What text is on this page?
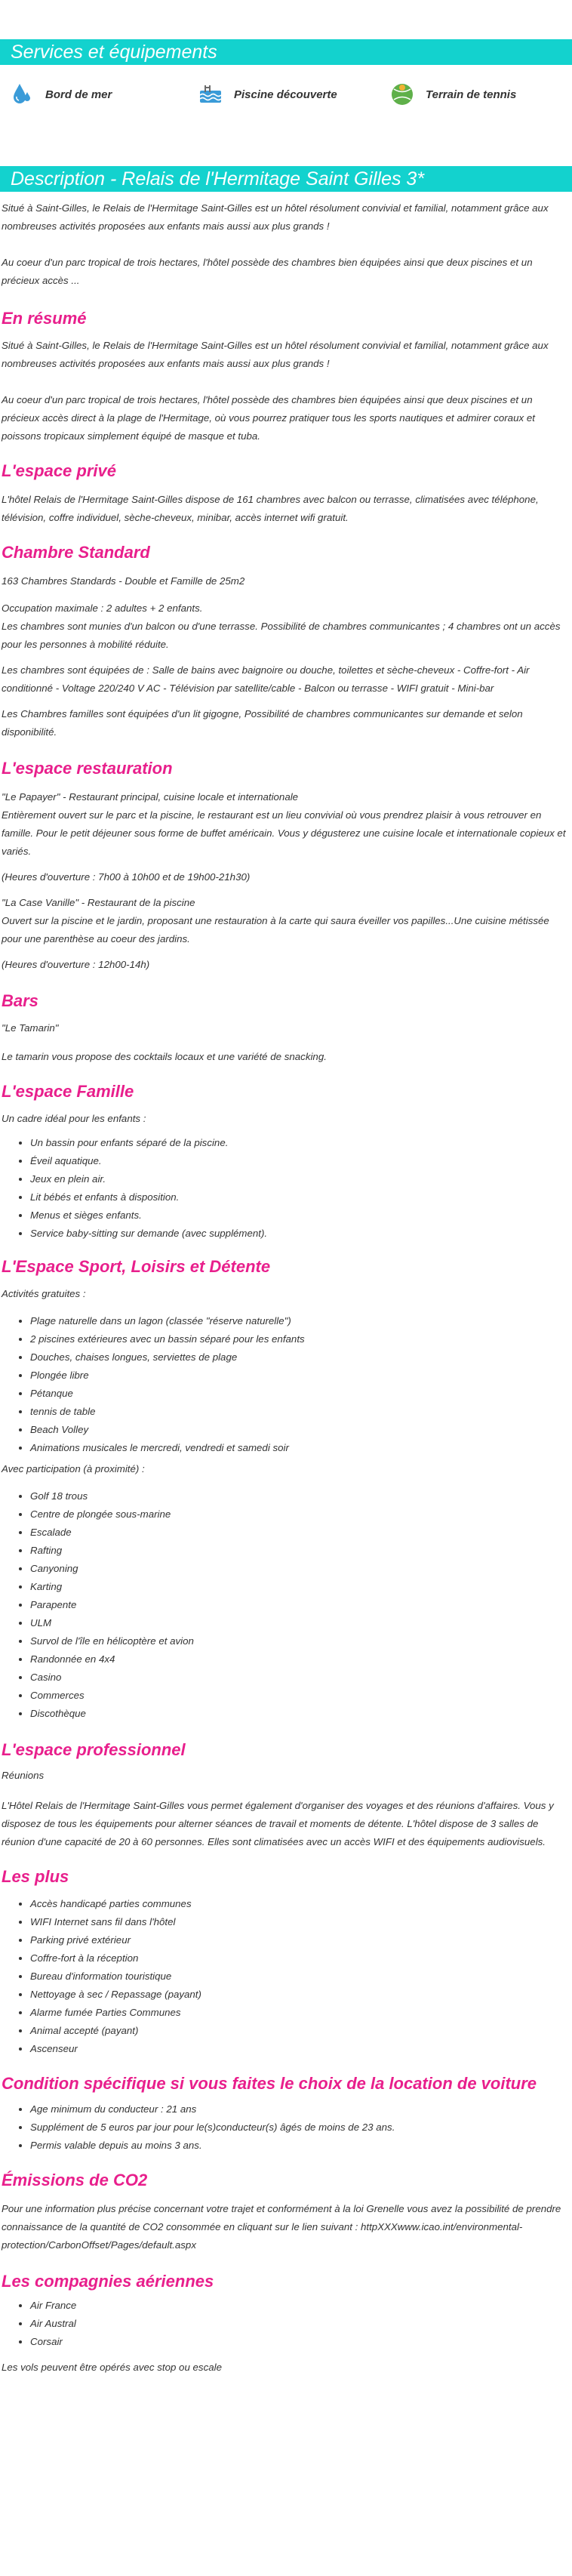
Services et équipements
Bord de mer	Piscine découverte	Terrain de tennis
Description - Relais de l'Hermitage Saint Gilles 3*

Situé à Saint-Gilles, le Relais de l'Hermitage Saint-Gilles est un hôtel résolument convivial et familial, notamment grâce aux nombreuses activités proposées aux enfants mais aussi aux plus grands !

Au coeur d'un parc tropical de trois hectares, l'hôtel possède des chambres bien équipées ainsi que deux piscines et un précieux accès ...

En résumé

Situé à Saint-Gilles, le Relais de l'Hermitage Saint-Gilles est un hôtel résolument convivial et familial, notamment grâce aux nombreuses activités proposées aux enfants mais aussi aux plus grands !

Au coeur d'un parc tropical de trois hectares, l'hôtel possède des chambres bien équipées ainsi que deux piscines et un précieux accès direct à la plage de l'Hermitage, où vous pourrez pratiquer tous les sports nautiques et admirer coraux et poissons tropicaux simplement équipé de masque et tuba.

L'espace privé

L'hôtel Relais de l'Hermitage Saint-Gilles dispose de 161 chambres avec balcon ou terrasse, climatisées avec téléphone, télévision, coffre individuel, sèche-cheveux, minibar, accès internet wifi gratuit.

Chambre Standard

163 Chambres Standards - Double et Famille de 25m2

Occupation maximale : 2 adultes + 2 enfants.

Les chambres sont munies d'un balcon ou d'une terrasse. Possibilité de chambres communicantes ; 4 chambres ont un accès pour les personnes à mobilité réduite.

Les chambres sont équipées de : Salle de bains avec baignoire ou douche, toilettes et sèche-cheveux - Coffre-fort - Air conditionné - Voltage 220/240 V AC - Télévision par satellite/cable - Balcon ou terrasse - WIFI gratuit - Mini-bar

Les Chambres familles sont équipées d'un lit gigogne, Possibilité de chambres communicantes sur demande et selon disponibilité.

L'espace restauration

"Le Papayer" - Restaurant principal, cuisine locale et internationale

Entièrement ouvert sur le parc et la piscine, le restaurant est un lieu convivial où vous prendrez plaisir à vous retrouver en famille. Pour le petit déjeuner sous forme de buffet américain. Vous y dégusterez une cuisine locale et internationale copieux et variés.

(Heures d'ouverture : 7h00 à 10h00 et de 19h00-21h30)

"La Case Vanille" - Restaurant de la piscine

Ouvert sur la piscine et le jardin, proposant une restauration à la carte qui saura éveiller vos papilles...Une cuisine métissée pour une parenthèse au coeur des jardins.

(Heures d'ouverture : 12h00-14h)

Bars

"Le Tamarin"

Le tamarin vous propose des cocktails locaux et une variété de snacking.

L'espace Famille

Un cadre idéal pour les enfants :

• Un bassin pour enfants séparé de la piscine.
• Éveil aquatique.
• Jeux en plein air.
• Lit bébés et enfants à disposition.
• Menus et sièges enfants.
• Service baby-sitting sur demande (avec supplément).
L'Espace Sport, Loisirs et Détente

Activités gratuites :

• Plage naturelle dans un lagon (classée "réserve naturelle")
• 2 piscines extérieures avec un bassin séparé pour les enfants
• Douches, chaises longues, serviettes de plage
• Plongée libre
• Pétanque
• tennis de table
• Beach Volley
• Animations musicales le mercredi, vendredi et samedi soir

Avec participation (à proximité) :

• Golf 18 trous
• Centre de plongée sous-marine
• Escalade
• Rafting
• Canyoning
• Karting
• Parapente
• ULM
• Survol de l'île en hélicoptère et avion
• Randonnée en 4x4
• Casino
• Commerces
• Discothèque
L'espace professionnel

Réunions

L'Hôtel Relais de l'Hermitage Saint-Gilles vous permet également d'organiser des voyages et des réunions d'affaires. Vous y disposez de tous les équipements pour alterner séances de travail et moments de détente. L'hôtel dispose de 3 salles de réunion d'une capacité de 20 à 60 personnes. Elles sont climatisées avec un accès WIFI et des équipements audiovisuels.

Les plus
• Accès handicapé parties communes
• WIFI Internet sans fil dans l'hôtel
• Parking privé extérieur
• Coffre-fort à la réception
• Bureau d'information touristique
• Nettoyage à sec / Repassage (payant)
• Alarme fumée Parties Communes
• Animal accepté (payant)
• Ascenseur
Condition spécifique si vous faites le choix de la location de voiture
• Age minimum du conducteur : 21 ans
• Supplément de 5 euros par jour pour le(s)conducteur(s) âgés de moins de 23 ans.
• Permis valable depuis au moins 3 ans.
Émissions de CO2

Pour une information plus précise concernant votre trajet et conformément à la loi Grenelle vous avez la possibilité de prendre connaissance de la quantité de CO2 consommée en cliquant sur le lien suivant : httpXXXwww.icao.int/environmental-protection/CarbonOffset/Pages/default.aspx

Les compagnies aériennes
• Air France
• Air Austral
• Corsair

Les vols peuvent être opérés avec stop ou escale
